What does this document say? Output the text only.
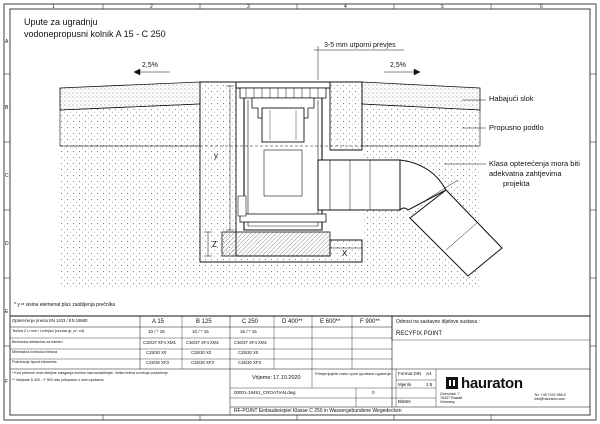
Upute za ugradnju
vodonepropusni kolnik A 15 - C 250
1	2	3	4	5	6
A
B
C
D
E
F
3-5 mm utporni prevjes
2,5%	2,5%
Habajući slok
Propusno podtlo
Klasa opterećenja mora biti
adekvatna zahtjevima
projekta
y
Z
X
* y = visina elemenat plus zaobljenja prečnika
Opterećenje prema EN 1433 / EN 19580	A 15	B 125	C 250	D 400**	E 600**	F 900**
Težina Z u mm / Ležnjaci (unutar gr. pr. cd)	10 / * 15	10 / * 15	15 / * 15
Betonska mešavina za kamen	C30/37 XF4 XM1 C30/37 XF4 XM1	C30/37 XF4 XM1
Minimalna čvrstoća betona	C25/30 X0	C25/30 X0	C25/30 X0
Pokrivanje ispod elementa	C25/30 XF3	C25/30 XF3	C25/30 XF3
* Kod primene veće debljine zalaganja molimo nas kontaktirajte. Velika težina uzrokuje povlačenje.
** Varijante D 400 - F 900 nisu prikazane u ovim uputama.
Odnosi na sastavne dijelove sustava :
RECYFIX POINT
Vrijeme: 17.10.2020
Primjenjujete nabo opće uputstva ugradnje. Format DIN A4
Mjerilo	1:5
Blätter
00001-19491_CROATIAN.dwg	0
hauraton
Zwerchstr. 7
76437 Rastatt
Germany
Tel. +49 7222 958-0
info@hauraton.com
RF-POINT Einbaubeispiel Klasse C 250 in Wassergebundene Wegedecken
